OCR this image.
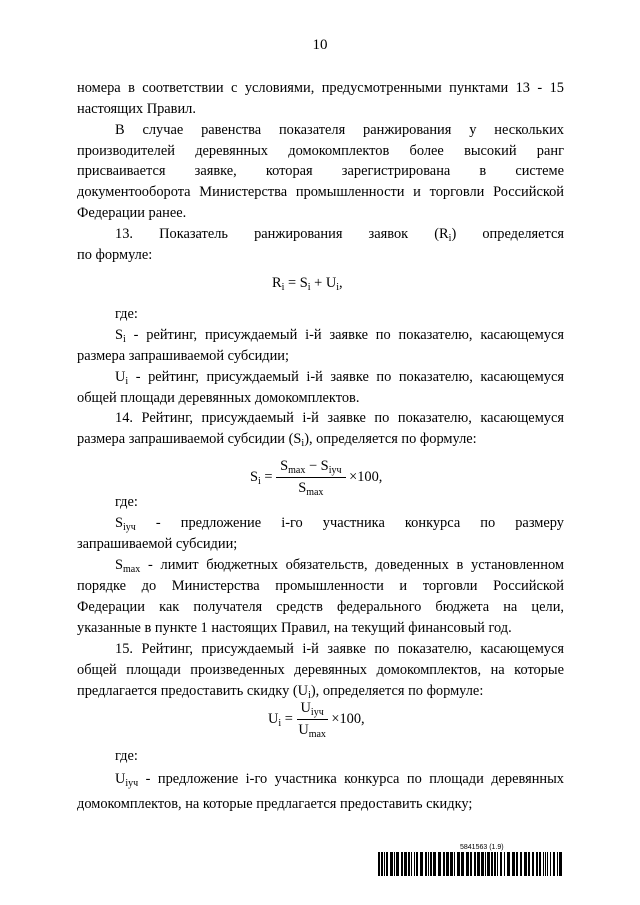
10
номера в соответствии с условиями, предусмотренными пунктами 13 - 15
настоящих Правил.
В случае равенства показателя ранжирования у нескольких
производителей деревянных домокомплектов более высокий ранг
присваивается заявке, которая зарегистрирована в системе
документооборота Министерства промышленности и торговли Российской
Федерации ранее.
13. Показатель ранжирования заявок $(R_i)$ определяется
по формуле:
$R_i = S_i + U_i$,
где:
$S_i$ - рейтинг, присуждаемый i-й заявке по показателю, касающемуся
размера запрашиваемой субсидии;
$U_i$ - рейтинг, присуждаемый i-й заявке по показателю, касающемуся
общей площади деревянных домокомплектов.
14. Рейтинг, присуждаемый i-й заявке по показателю, касающемуся
размера запрашиваемой субсидии $(S_i)$, определяется по формуле:
$S_i = \frac{S_{max} - S_{iуч}}{S_{max}} \times 100$,
где:
$S_{iуч}$ - предложение i-го участника конкурса по размеру
запрашиваемой субсидии;
$S_{max}$ - лимит бюджетных обязательств, доведенных в установленном
порядке до Министерства промышленности и торговли Российской
Федерации как получателя средств федерального бюджета на цели,
указанные в пункте 1 настоящих Правил, на текущий финансовый год.
15. Рейтинг, присуждаемый i-й заявке по показателю, касающемуся
общей площади произведенных деревянных домокомплектов, на которые
предлагается предоставить скидку $(U_i)$, определяется по формуле:
$U_i = \frac{U_{iуч}}{U_{max}} \times 100$,
где:
$U_{iуч}$ - предложение i-го участника конкурса по площади деревянных
домокомплектов, на которые предлагается предоставить скидку;
5841563 (1.9)
